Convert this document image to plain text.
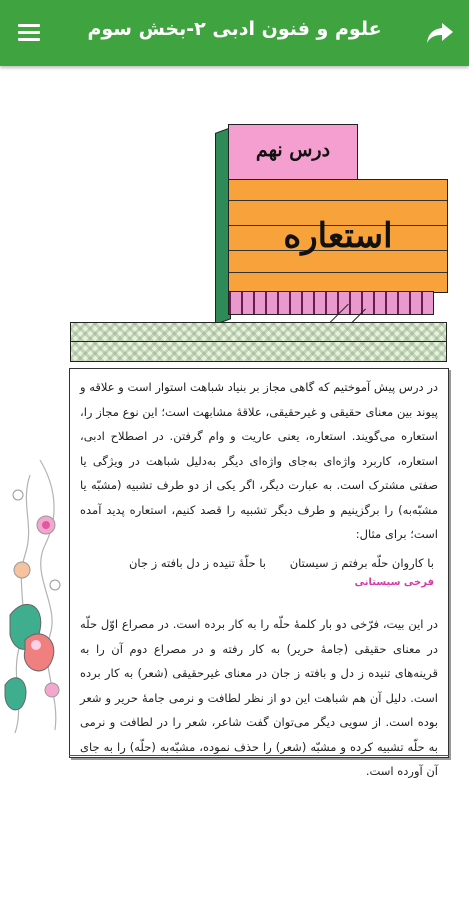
علوم و فنون ادبی ۲-بخش سوم
درس نهم
استعاره

در درس پیش آموختیم که گاهی مجاز بر بنیاد شباهت استوار است و علاقه و پیوند بین معنای حقیقی و غیرحقیقی، علاقهٔ مشابهت است؛ این نوع مجاز را، استعاره می‌گویند. استعاره، یعنی عاریت و وام گرفتن. در اصطلاح ادبی، استعاره، کاربرد واژه‌ای به‌جای واژه‌ای دیگر به‌دلیل شباهت در ویژگی یا صفتی مشترک است. به عبارت دیگر، اگر یکی از دو طرف تشبیه (مشبّه یا مشبّه‌به) را برگزینیم و طرف دیگر تشبیه را قصد کنیم، استعاره پدید آمده است؛ برای مثال:

با کاروان حلّه برفتم ز سیستان
با حلّهٔ تنیده ز دل بافته ز جان
فرخی سیستانی

در این بیت، فرّخی دو بار کلمهٔ حلّه را به کار برده است. در مصراع اوّل حلّه در معنای حقیقی (جامهٔ حریر) به کار رفته و در مصراع دوم آن را به قرینه‌های تنیده ز دل و بافته ز جان در معنای غیرحقیقی (شعر) به کار برده است. دلیل آن هم شباهت این دو از نظر لطافت و نرمی جامهٔ حریر و شعر بوده است. از سویی دیگر می‌توان گفت شاعر، شعر را در لطافت و نرمی به حلّه تشبیه کرده و مشبّه (شعر) را حذف نموده، مشبّه‌به (حلّه) را به جای آن آورده است.
